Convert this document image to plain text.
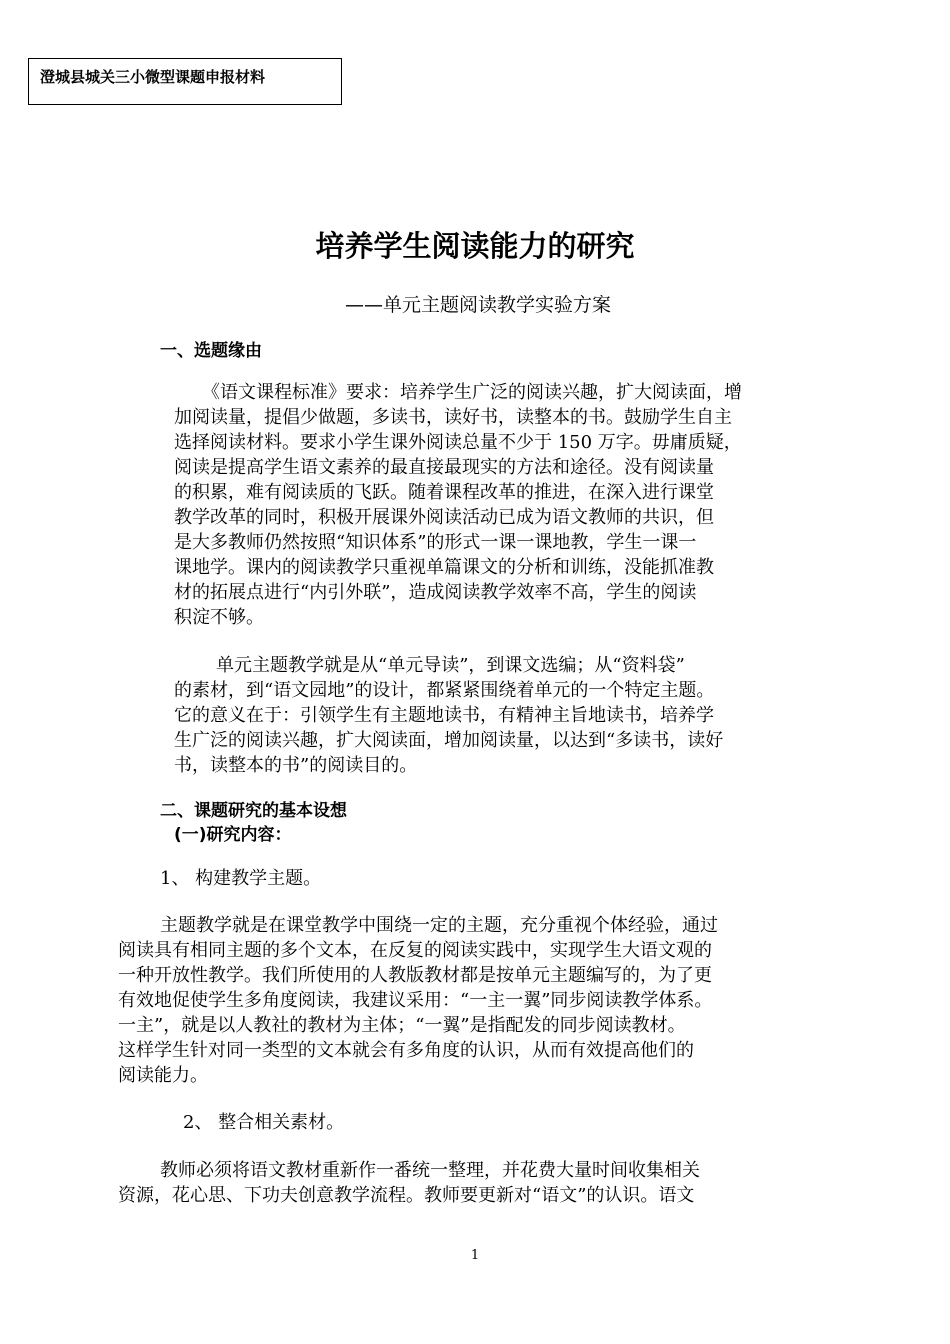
澄城县城关三小微型课题申报材料
培养学生阅读能力的研究
——单元主题阅读教学实验方案
一、选题缘由
《语文课程标准》要求：培养学生广泛的阅读兴趣，扩大阅读面，增
加阅读量，提倡少做题，多读书，读好书，读整本的书。鼓励学生自主
选择阅读材料。要求小学生课外阅读总量不少于 150 万字。毋庸质疑，
阅读是提高学生语文素养的最直接最现实的方法和途径。没有阅读量
的积累，难有阅读质的飞跃。随着课程改革的推进，在深入进行课堂
教学改革的同时，积极开展课外阅读活动已成为语文教师的共识，但
是大多教师仍然按照“知识体系”的形式一课一课地教，学生一课一
课地学。课内的阅读教学只重视单篇课文的分析和训练，没能抓准教
材的拓展点进行“内引外联”，造成阅读教学效率不高，学生的阅读
积淀不够。
单元主题教学就是从“单元导读”，到课文选编；从“资料袋”
的素材，到“语文园地”的设计，都紧紧围绕着单元的一个特定主题。
它的意义在于：引领学生有主题地读书，有精神主旨地读书，培养学
生广泛的阅读兴趣，扩大阅读面，增加阅读量，以达到“多读书，读好
书，读整本的书”的阅读目的。
二、课题研究的基本设想
(一)研究内容：
1、 构建教学主题。
主题教学就是在课堂教学中围绕一定的主题，充分重视个体经验，通过
阅读具有相同主题的多个文本，在反复的阅读实践中，实现学生大语文观的
一种开放性教学。我们所使用的人教版教材都是按单元主题编写的，为了更
有效地促使学生多角度阅读，我建议采用：“一主一翼”同步阅读教学体系。
一主”，就是以人教社的教材为主体；“一翼”是指配发的同步阅读教材。
这样学生针对同一类型的文本就会有多角度的认识，从而有效提高他们的
阅读能力。
2、 整合相关素材。
教师必须将语文教材重新作一番统一整理，并花费大量时间收集相关
资源，花心思、下功夫创意教学流程。教师要更新对“语文”的认识。语文
1
